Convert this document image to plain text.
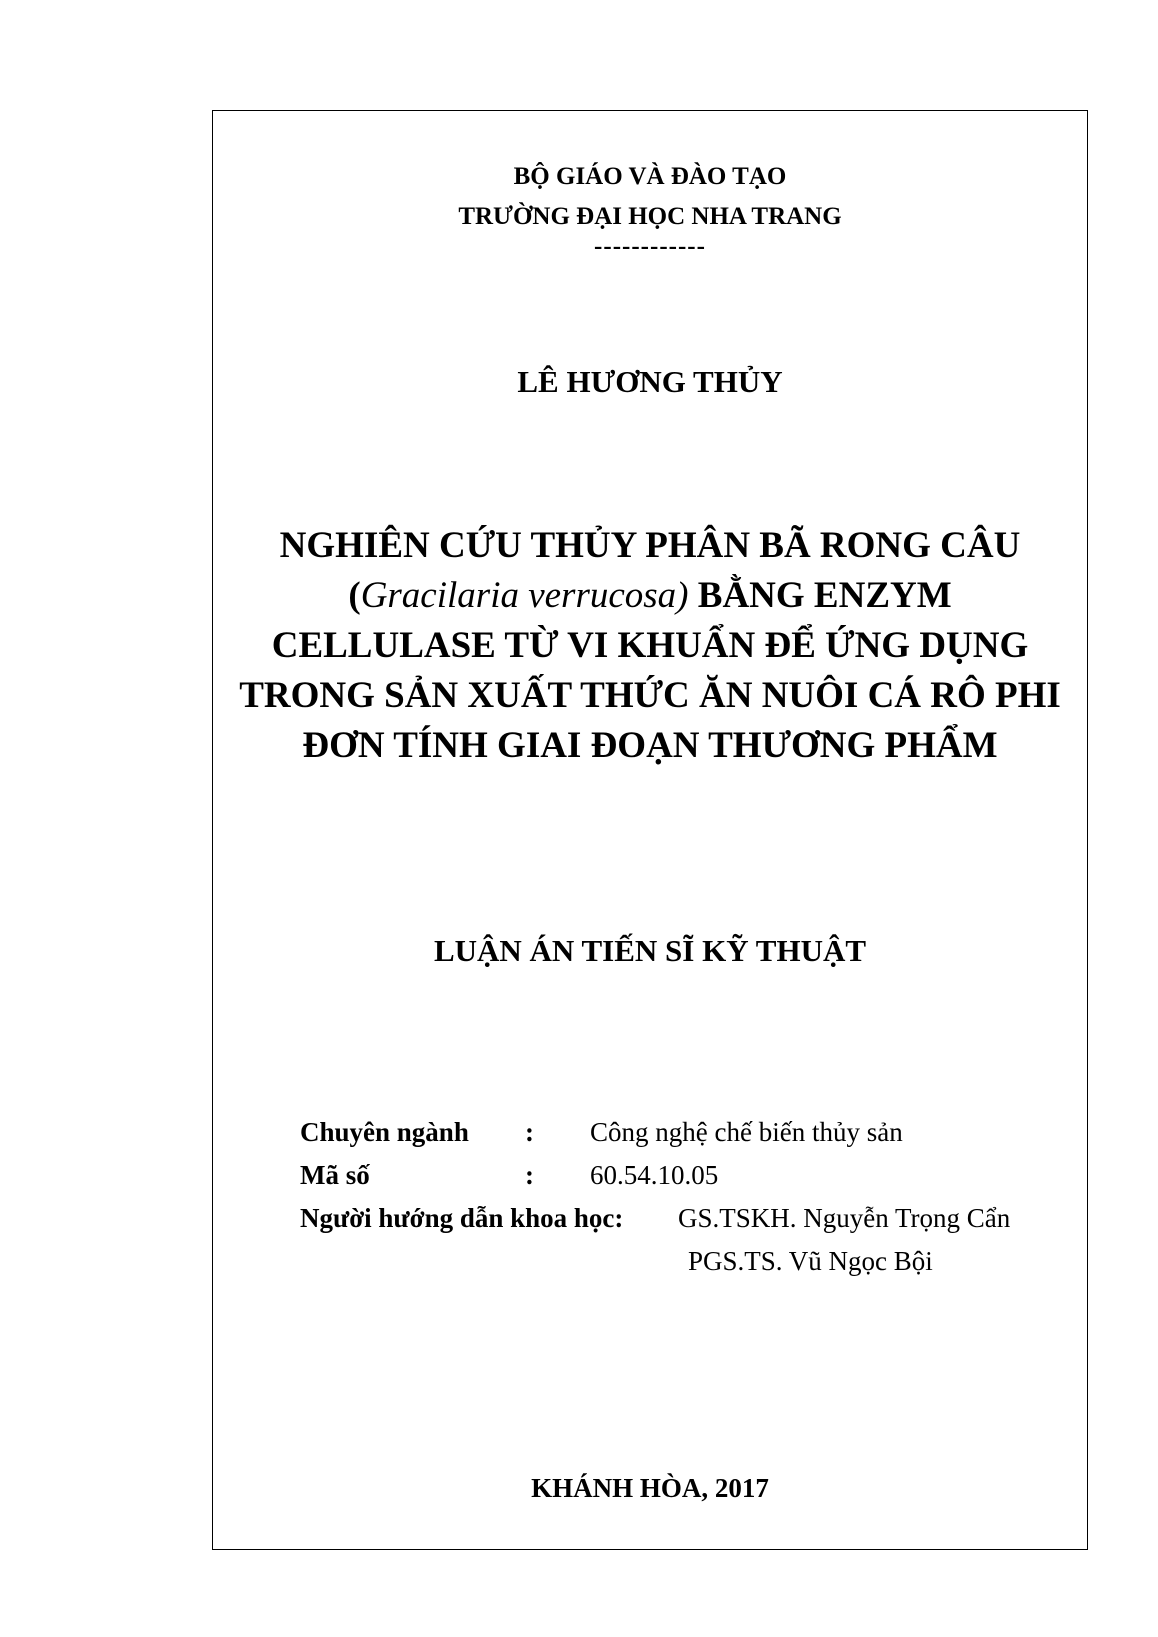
BỘ GIÁO VÀ ĐÀO TẠO
TRƯỜNG ĐẠI HỌC NHA TRANG
------------
LÊ HƯƠNG THỦY
NGHIÊN CỨU THỦY PHÂN BÃ RONG CÂU
(Gracilaria verrucosa) BẰNG ENZYM
CELLULASE TỪ VI KHUẨN ĐỂ ỨNG DỤNG
TRONG SẢN XUẤT THỨC ĂN NUÔI CÁ RÔ PHI
ĐƠN TÍNH GIAI ĐOẠN THƯƠNG PHẨM
LUẬN ÁN TIẾN SĨ KỸ THUẬT
Chuyên ngành : Công nghệ chế biến thủy sản
Mã số	: 60.54.10.05
Người hướng dẫn khoa học: GS.TSKH. Nguyễn Trọng Cẩn
PGS.TS. Vũ Ngọc Bội
KHÁNH HÒA, 2017
